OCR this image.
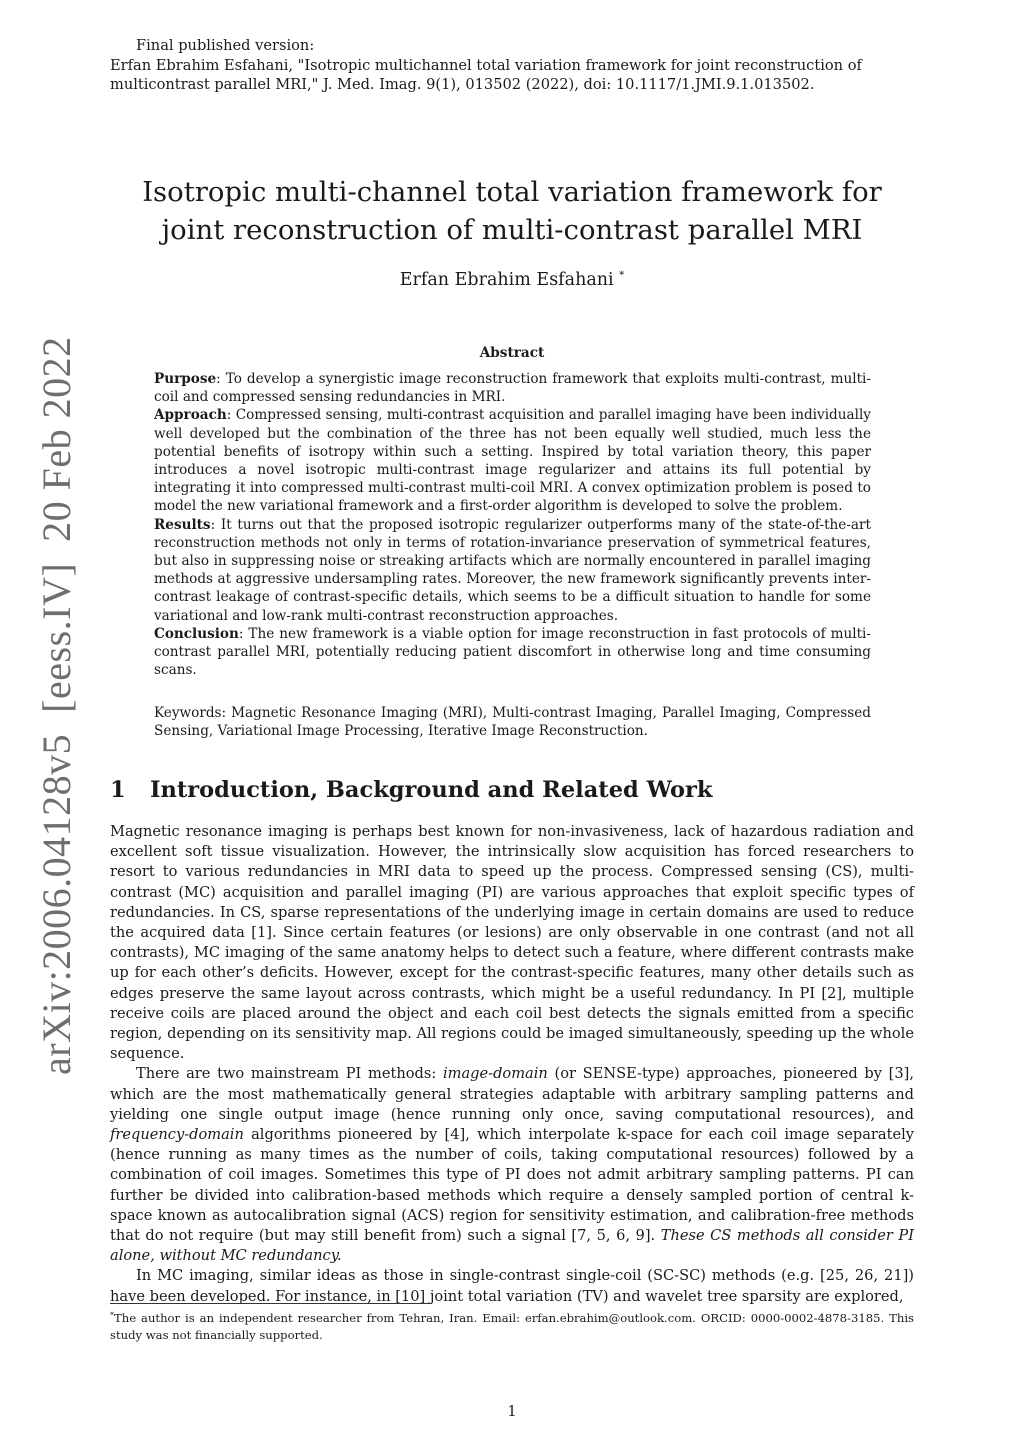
Final published version:
Erfan Ebrahim Esfahani, "Isotropic multichannel total variation framework for joint reconstruction of multicontrast parallel MRI," J. Med. Imag. 9(1), 013502 (2022), doi: 10.1117/1.JMI.9.1.013502.
Isotropic multi-channel total variation framework for joint reconstruction of multi-contrast parallel MRI
Erfan Ebrahim Esfahani *
Abstract

Purpose: To develop a synergistic image reconstruction framework that exploits multi-contrast, multi-coil and compressed sensing redundancies in MRI.

Approach: Compressed sensing, multi-contrast acquisition and parallel imaging have been individually well developed but the combination of the three has not been equally well studied, much less the potential benefits of isotropy within such a setting. Inspired by total variation theory, this paper introduces a novel isotropic multi-contrast image regularizer and attains its full potential by integrating it into compressed multi-contrast multi-coil MRI. A convex optimization problem is posed to model the new variational framework and a first-order algorithm is developed to solve the problem.

Results: It turns out that the proposed isotropic regularizer outperforms many of the state-of-the-art reconstruction methods not only in terms of rotation-invariance preservation of symmetrical features, but also in suppressing noise or streaking artifacts which are normally encountered in parallel imaging methods at aggressive undersampling rates. Moreover, the new framework significantly prevents inter-contrast leakage of contrast-specific details, which seems to be a difficult situation to handle for some variational and low-rank multi-contrast reconstruction approaches.

Conclusion: The new framework is a viable option for image reconstruction in fast protocols of multi-contrast parallel MRI, potentially reducing patient discomfort in otherwise long and time consuming scans.

Keywords: Magnetic Resonance Imaging (MRI), Multi-contrast Imaging, Parallel Imaging, Compressed Sensing, Variational Image Processing, Iterative Image Reconstruction.
1 Introduction, Background and Related Work

Magnetic resonance imaging is perhaps best known for non-invasiveness, lack of hazardous radiation and excellent soft tissue visualization. However, the intrinsically slow acquisition has forced researchers to resort to various redundancies in MRI data to speed up the process. Compressed sensing (CS), multi-contrast (MC) acquisition and parallel imaging (PI) are various approaches that exploit specific types of redundancies. In CS, sparse representations of the underlying image in certain domains are used to reduce the acquired data [1]. Since certain features (or lesions) are only observable in one contrast (and not all contrasts), MC imaging of the same anatomy helps to detect such a feature, where different contrasts make up for each other’s deficits. However, except for the contrast-specific features, many other details such as edges preserve the same layout across contrasts, which might be a useful redundancy. In PI [2], multiple receive coils are placed around the object and each coil best detects the signals emitted from a specific region, depending on its sensitivity map. All regions could be imaged simultaneously, speeding up the whole sequence.

There are two mainstream PI methods: image-domain (or SENSE-type) approaches, pioneered by [3], which are the most mathematically general strategies adaptable with arbitrary sampling patterns and yielding one single output image (hence running only once, saving computational resources), and frequency-domain algorithms pioneered by [4], which interpolate k-space for each coil image separately (hence running as many times as the number of coils, taking computational resources) followed by a combination of coil images. Sometimes this type of PI does not admit arbitrary sampling patterns. PI can further be divided into calibration-based methods which require a densely sampled portion of central k-space known as autocalibration signal (ACS) region for sensitivity estimation, and calibration-free methods that do not require (but may still benefit from) such a signal [7, 5, 6, 9]. These CS methods all consider PI alone, without MC redundancy.

In MC imaging, similar ideas as those in single-contrast single-coil (SC-SC) methods (e.g. [25, 26, 21]) have been developed. For instance, in [10] joint total variation (TV) and wavelet tree sparsity are explored,

*The author is an independent researcher from Tehran, Iran. Email: erfan.ebrahim@outlook.com. ORCID: 0000-0002-4878-3185. This study was not financially supported.
1
arXiv:2006.04128v5  [eess.IV]  20 Feb 2022
